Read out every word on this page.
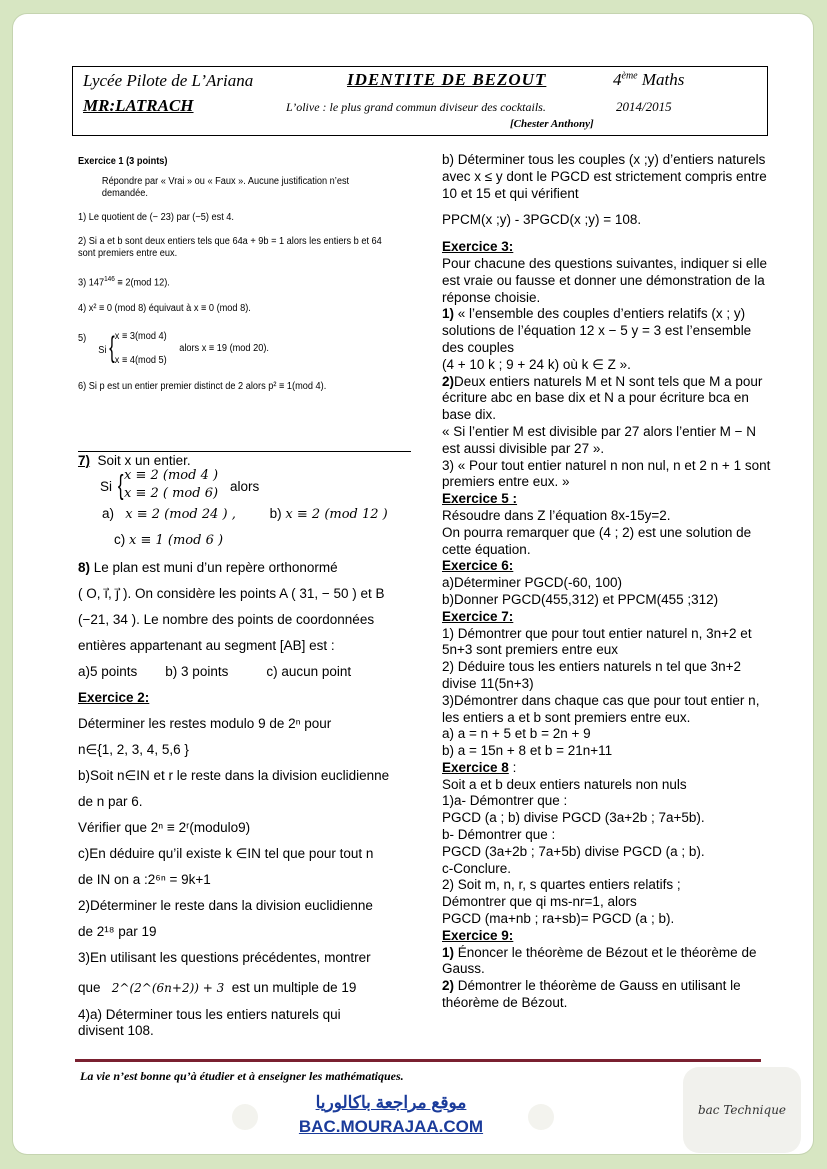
Lycée Pilote de L’Ariana	IDENTITE DE BEZOUT	4ème Maths
MR:LATRACH	L’olive : le plus grand commun diviseur des cocktails.	2014/2015
[Chester Anthony]
Exercice 1 (3 points)
Répondre par « Vrai » ou « Faux ». Aucune justification n’est demandée.
1) Le quotient de (− 23) par (−5) est 4.
2) Si a et b sont deux entiers tels que 64a + 9b = 1 alors les entiers b et 64 sont premiers entre eux.
3) $147^{146} \equiv 2(mod$ 12).
4) x² ≡ 0 (mod 8) équivaut à x ≡ 0 (mod 8).
5)
Si { x ≡ 3(mod 4)
x ≡ 4(mod 5)
alors x ≡ 19 (mod 20).
6) Si p est un entier premier distinct de 2 alors p² ≡ 1(mod 4).
7) Soit x un entier.
Si { x ≡ 2 (mod 4 )
x ≡ 2 ( mod 6) alors
a) x ≡ 2 (mod 24 ) ,	b) x ≡ 2 (mod 12 )
c) x ≡ 1 (mod 6 )
8) Le plan est muni d’un repère orthonormé
( O, i⃗, j⃗ ). On considère les points A ( 31, − 50 ) et B
(−21, 34 ). Le nombre des points de coordonnées
entières appartenant au segment [AB] est :
a)5 points b) 3 points	c) aucun point
Exercice 2:
Déterminer les restes modulo 9 de 2ⁿ pour
n∈{1, 2, 3, 4, 5,6 }
b)Soit n∈IN et r le reste dans la division euclidienne
de n par 6.
Vérifier que 2ⁿ ≡ 2ʳ(modulo9)
c)En déduire qu’il existe k ∈IN tel que pour tout n
de IN on a :2⁶ⁿ = 9k+1
2)Déterminer le reste dans la division euclidienne
de 2¹⁸ par 19
3)En utilisant les questions précédentes, montrer
que 2^(2^(6n+2)) + 3 est un multiple de 19
4)a) Déterminer tous les entiers naturels qui
divisent 108.
b) Déterminer tous les couples (x ;y) d’entiers naturels avec x ≤ y dont le PGCD est strictement compris entre 10 et 15 et qui vérifient
PPCM(x ;y) - 3PGCD(x ;y) = 108.
Exercice 3:
Pour chacune des questions suivantes, indiquer si elle est vraie ou fausse et donner une démonstration de la réponse choisie.
1) « l’ensemble des couples d’entiers relatifs (x ; y) solutions de l’équation 12 x − 5 y = 3 est l’ensemble des couples
(4 + 10 k ; 9 + 24 k) où k ∈ Z ».
2)Deux entiers naturels M et N sont tels que M a pour écriture abc en base dix et N a pour écriture bca en base dix.
« Si l’entier M est divisible par 27 alors l’entier M − N est aussi divisible par 27 ».
3) « Pour tout entier naturel n non nul, n et 2 n + 1 sont premiers entre eux. »
Exercice 5 :
Résoudre dans Z l’équation 8x-15y=2.
On pourra remarquer que (4 ; 2) est une solution de cette équation.
Exercice 6:
a)Déterminer PGCD(-60, 100)
b)Donner PGCD(455,312) et PPCM(455 ;312)
Exercice 7:
1) Démontrer que pour tout entier naturel n, 3n+2 et 5n+3 sont premiers entre eux
2) Déduire tous les entiers naturels n tel que 3n+2 divise 11(5n+3)
3)Démontrer dans chaque cas que pour tout entier n, les entiers a et b sont premiers entre eux.
a) a = n + 5 et b = 2n + 9
b) a = 15n + 8 et b = 21n+11
Exercice 8 :
Soit a et b deux entiers naturels non nuls
1)a- Démontrer que :
PGCD (a ; b) divise PGCD (3a+2b ; 7a+5b).
b- Démontrer que :
PGCD (3a+2b ; 7a+5b) divise PGCD (a ; b).
c-Conclure.
2) Soit m, n, r, s quartes entiers relatifs ;
Démontrer que qi ms-nr=1, alors
PGCD (ma+nb ; ra+sb)= PGCD (a ; b).
Exercice 9:
1) Énoncer le théorème de Bézout et le théorème de Gauss.
2) Démontrer le théorème de Gauss en utilisant le théorème de Bézout.
La vie n’est bonne qu’à étudier et à enseigner les mathématiques.
موقع مراجعة باكالوريا
BAC.MOURAJAA.COM
bac Technique
